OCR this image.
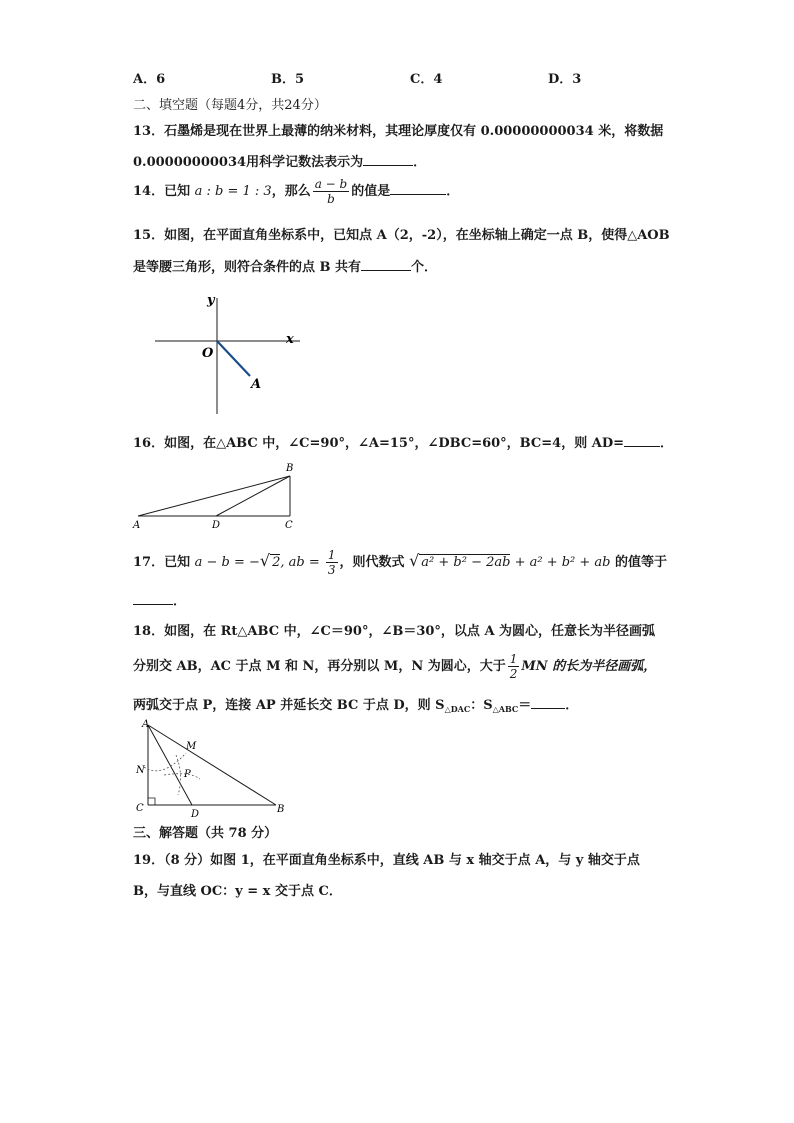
A．6	B．5	C．4	D．3
二、填空题（每题4分，共24分）
13．石墨烯是现在世界上最薄的纳米材料，其理论厚度仅有 0.00000000034 米，将数据
0.00000000034用科学记数法表示为	．
14．已知 a : b = 1 : 3，那么 $\frac{a - b}{b}$ 的值是	．
15．如图，在平面直角坐标系中，已知点 A（2，-2），在坐标轴上确定一点 B，使得△AOB
是等腰三角形，则符合条件的点 B 共有	个．
y
x
O
A
16．如图，在△ABC 中，∠C=90°，∠A=15°，∠DBC=60°，BC=4，则 AD=	．
B
A	D	C
17．已知 a − b = −√ 2, ab = $\frac{1}{3}$ ，则代数式 √ a² + b² − 2ab + a² + b² + ab 的值等于
．
18．如图，在 Rt△ABC 中，∠C＝90°，∠B＝30°，以点 A 为圆心，任意长为半径画弧
分别交 AB，AC 于点 M 和 N，再分别以 M，N 为圆心，大于 $\frac{1}{2}$ MN 的长为半径画弧，
两弧交于点 P，连接 AP 并延长交 BC 于点 D，则 $S_{\triangle DAC}$：$S_{\triangle ABC}=$	．
A
M
N	P
C
D	B
三、解答题（共 78 分）
19．（8 分）如图 1，在平面直角坐标系中，直线 AB 与 x 轴交于点 A，与 y 轴交于点
B，与直线 OC：y = x 交于点 C．
